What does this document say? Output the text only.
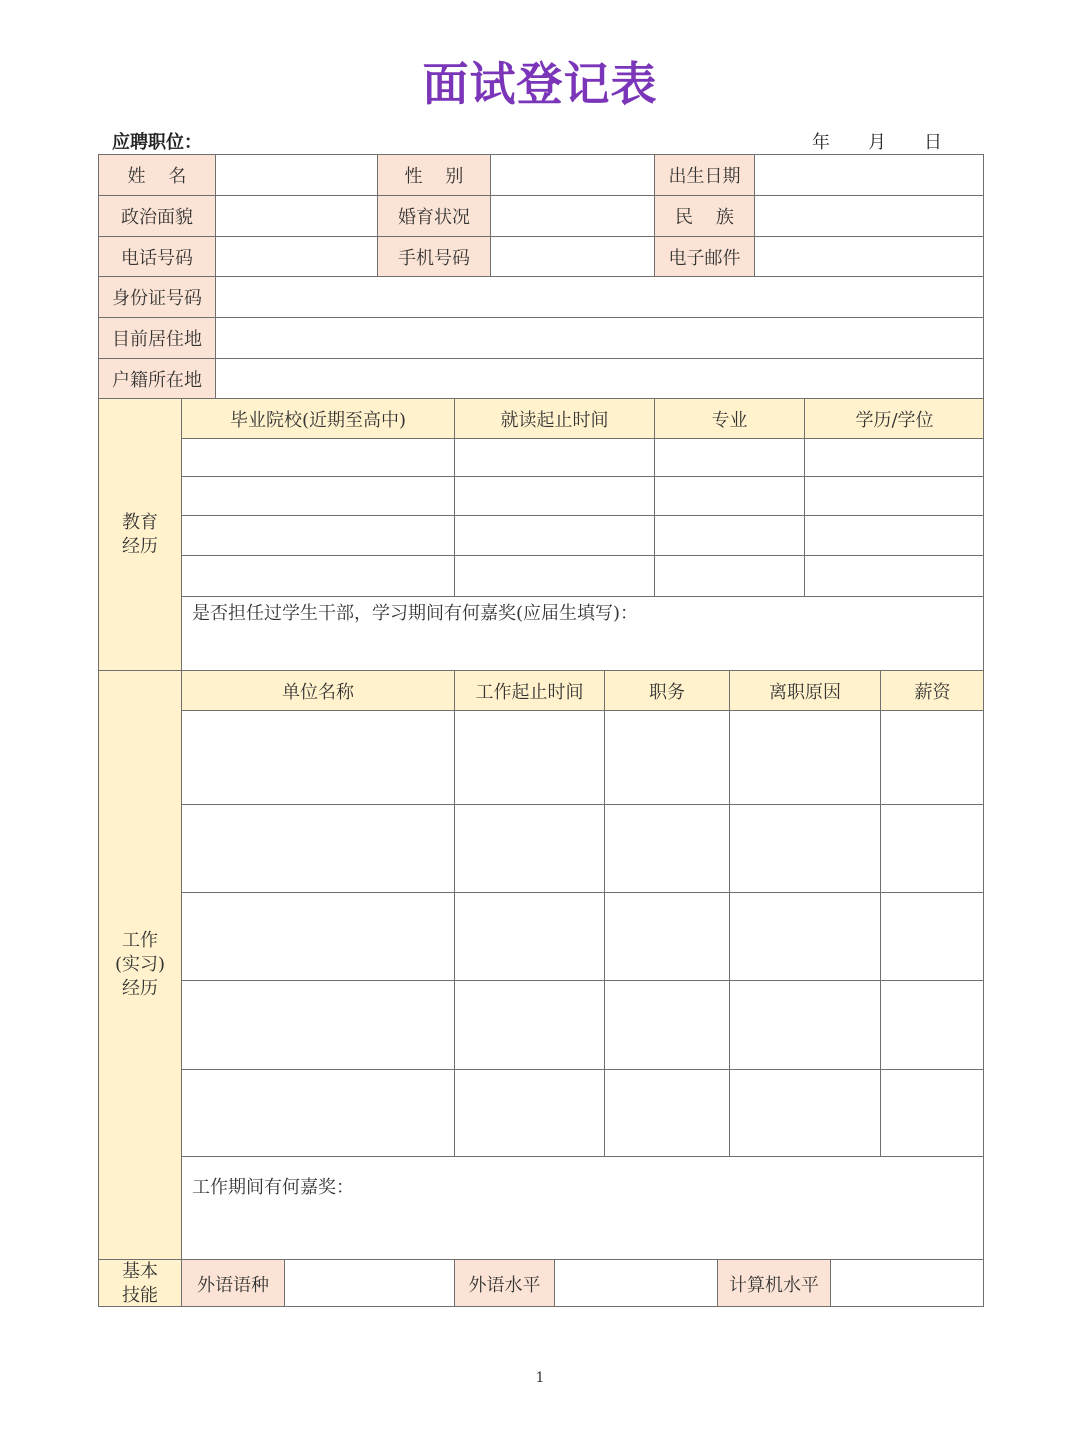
面试登记表
应聘职位：	年 月 日
姓    名	性    别	出生日期
政治面貌	婚育状况	民    族
电话号码	手机号码	电子邮件
身份证号码
目前居住地
户籍所在地
教育
经历
毕业院校(近期至高中)	就读起止时间	专业	学历/学位
是否担任过学生干部，学习期间有何嘉奖(应届生填写)：
工作
(实习)
经历
单位名称	工作起止时间	职务	离职原因	薪资
工作期间有何嘉奖：
基本
技能	外语语种	外语水平	计算机水平
1
